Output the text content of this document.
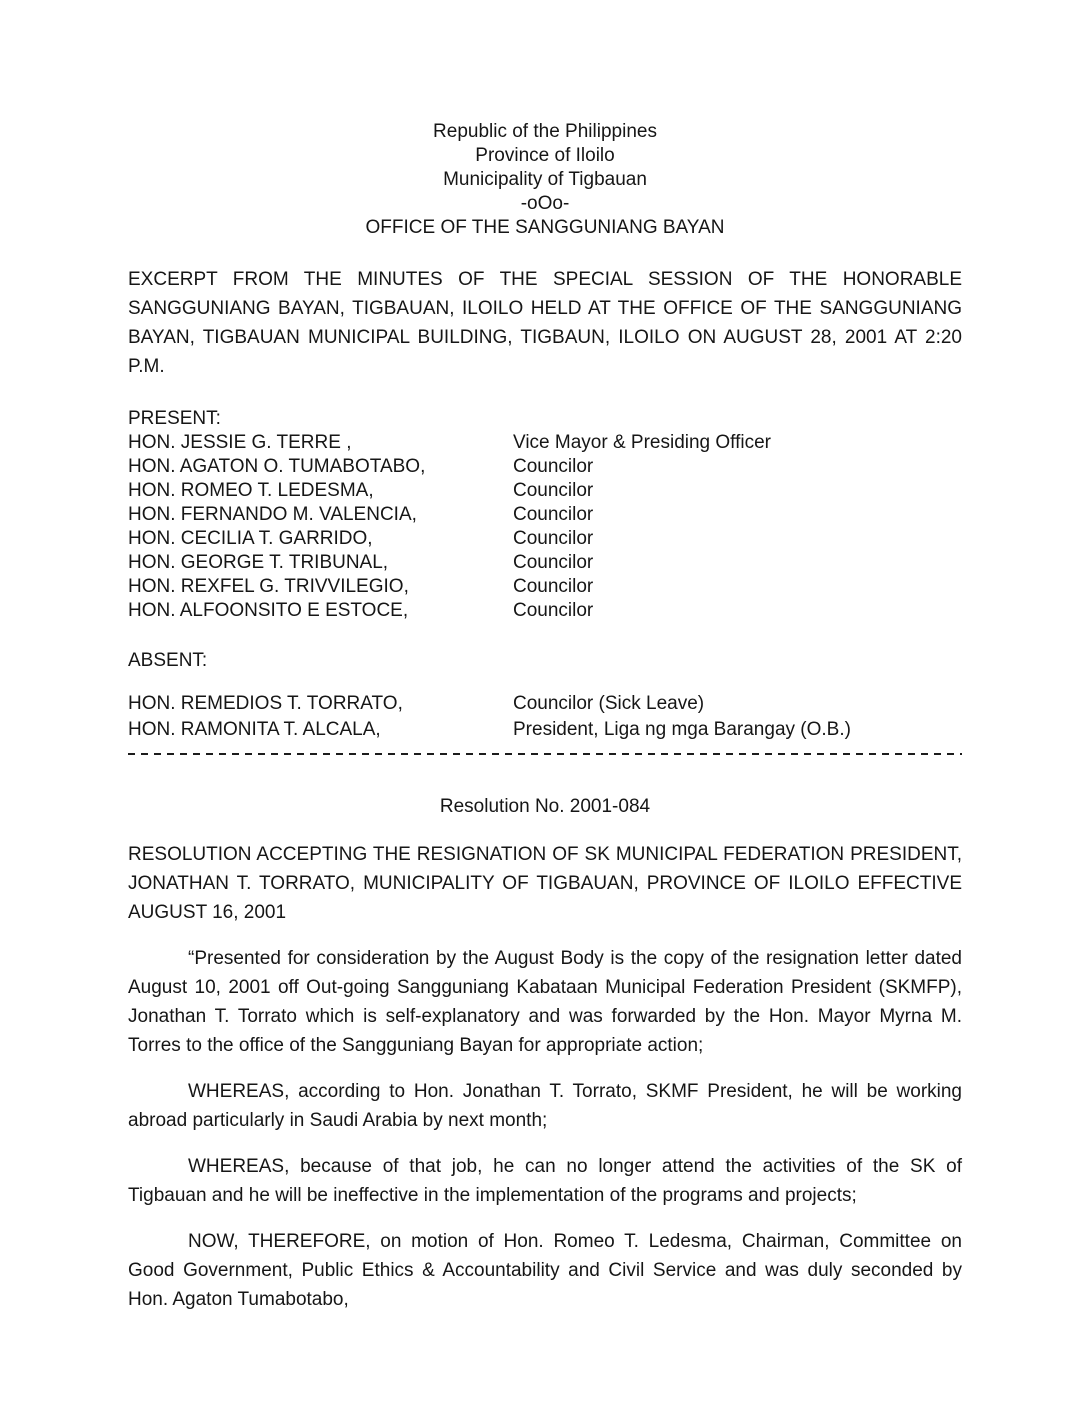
Republic of the Philippines
Province of Iloilo
Municipality of Tigbauan
-oOo-
OFFICE OF THE SANGGUNIANG BAYAN

EXCERPT FROM THE MINUTES OF THE SPECIAL SESSION OF THE HONORABLE SANGGUNIANG BAYAN, TIGBAUAN, ILOILO HELD AT THE OFFICE OF THE SANGGUNIANG BAYAN, TIGBAUAN MUNICIPAL BUILDING, TIGBAUN, ILOILO ON AUGUST 28, 2001 AT 2:20 P.M.

PRESENT:
HON. JESSIE G. TERRE ,	Vice Mayor & Presiding Officer
HON. AGATON O. TUMABOTABO,	Councilor
HON. ROMEO T. LEDESMA,	Councilor
HON. FERNANDO M. VALENCIA,	Councilor
HON. CECILIA T. GARRIDO,	Councilor
HON. GEORGE T. TRIBUNAL,	Councilor
HON. REXFEL G. TRIVVILEGIO,	Councilor
HON. ALFOONSITO E ESTOCE,	Councilor
ABSENT:
HON. REMEDIOS T. TORRATO,	Councilor (Sick Leave)
HON. RAMONITA T. ALCALA,	President, Liga ng mga Barangay (O.B.)
Resolution No. 2001-084

RESOLUTION ACCEPTING THE RESIGNATION OF SK MUNICIPAL FEDERATION PRESIDENT, JONATHAN T. TORRATO, MUNICIPALITY OF TIGBAUAN, PROVINCE OF ILOILO EFFECTIVE AUGUST 16, 2001

“Presented for consideration by the August Body is the copy of the resignation letter dated August 10, 2001 off Out-going Sangguniang Kabataan Municipal Federation President (SKMFP), Jonathan T. Torrato which is self-explanatory and was forwarded by the Hon. Mayor Myrna M. Torres to the office of the Sangguniang Bayan for appropriate action;

WHEREAS, according to Hon. Jonathan T. Torrato, SKMF President, he will be working abroad particularly in Saudi Arabia by next month;

WHEREAS, because of that job, he can no longer attend the activities of the SK of Tigbauan and he will be ineffective in the implementation of the programs and projects;

NOW, THEREFORE, on motion of Hon. Romeo T. Ledesma, Chairman, Committee on Good Government, Public Ethics & Accountability and Civil Service and was duly seconded by Hon. Agaton Tumabotabo,
